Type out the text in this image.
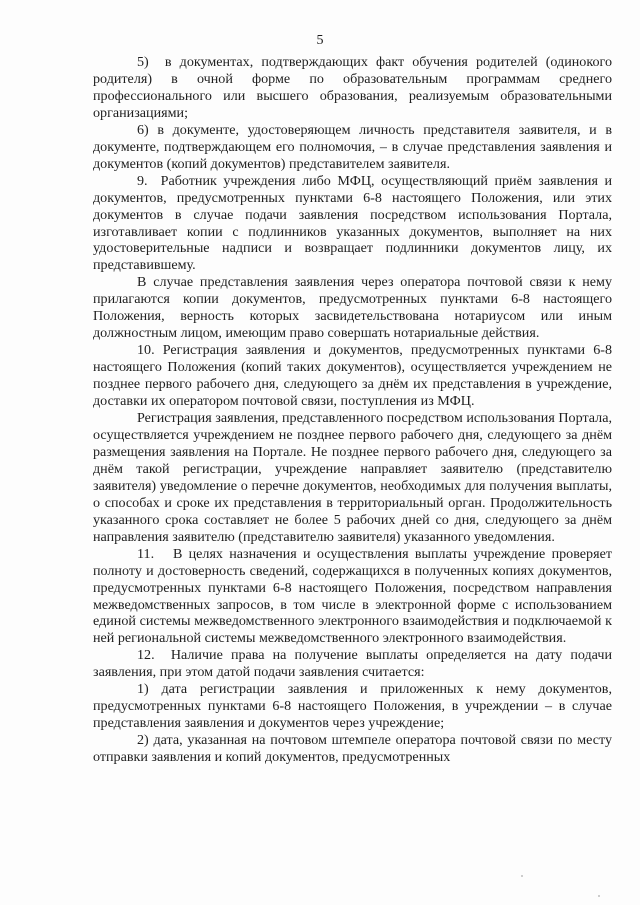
5

5)  в документах, подтверждающих факт обучения родителей (одинокого родителя) в очной форме по образовательным программам среднего профессионального или высшего образования, реализуемым образовательными организациями;

6) в документе, удостоверяющем личность представителя заявителя, и в документе, подтверждающем его полномочия, – в случае представления заявления и документов (копий документов) представителем заявителя.

9.  Работник учреждения либо МФЦ, осуществляющий приём заявления и документов, предусмотренных пунктами 6-8 настоящего Положения, или этих документов в случае подачи заявления посредством использования Портала, изготавливает копии с подлинников указанных документов, выполняет на них удостоверительные надписи и возвращает подлинники документов лицу, их представившему.

В случае представления заявления через оператора почтовой связи к нему прилагаются копии документов, предусмотренных пунктами 6-8 настоящего Положения, верность которых засвидетельствована нотариусом или иным должностным лицом, имеющим право совершать нотариальные действия.

10. Регистрация заявления и документов, предусмотренных пунктами 6-8 настоящего Положения (копий таких документов), осуществляется учреждением не позднее первого рабочего дня, следующего за днём их представления в учреждение, доставки их оператором почтовой связи, поступления из МФЦ.

Регистрация заявления, представленного посредством использования Портала, осуществляется учреждением не позднее первого рабочего дня, следующего за днём размещения заявления на Портале. Не позднее первого рабочего дня, следующего за днём такой регистрации, учреждение направляет заявителю (представителю заявителя) уведомление о перечне документов, необходимых для получения выплаты, о способах и сроке их представления в территориальный орган. Продолжительность указанного срока составляет не более 5 рабочих дней со дня, следующего за днём направления заявителю (представителю заявителя) указанного уведомления.

11.   В целях назначения и осуществления выплаты учреждение проверяет полноту и достоверность сведений, содержащихся в полученных копиях документов, предусмотренных пунктами 6-8 настоящего Положения, посредством направления межведомственных запросов, в том числе в электронной форме с использованием единой системы межведомственного электронного взаимодействия и подключаемой к ней региональной системы межведомственного электронного взаимодействия.

12.  Наличие права на получение выплаты определяется на дату подачи заявления, при этом датой подачи заявления считается:

1) дата регистрации заявления и приложенных к нему документов, предусмотренных пунктами 6-8 настоящего Положения, в учреждении – в случае представления заявления и документов через учреждение;

2) дата, указанная на почтовом штемпеле оператора почтовой связи по месту отправки заявления и копий документов, предусмотренных
